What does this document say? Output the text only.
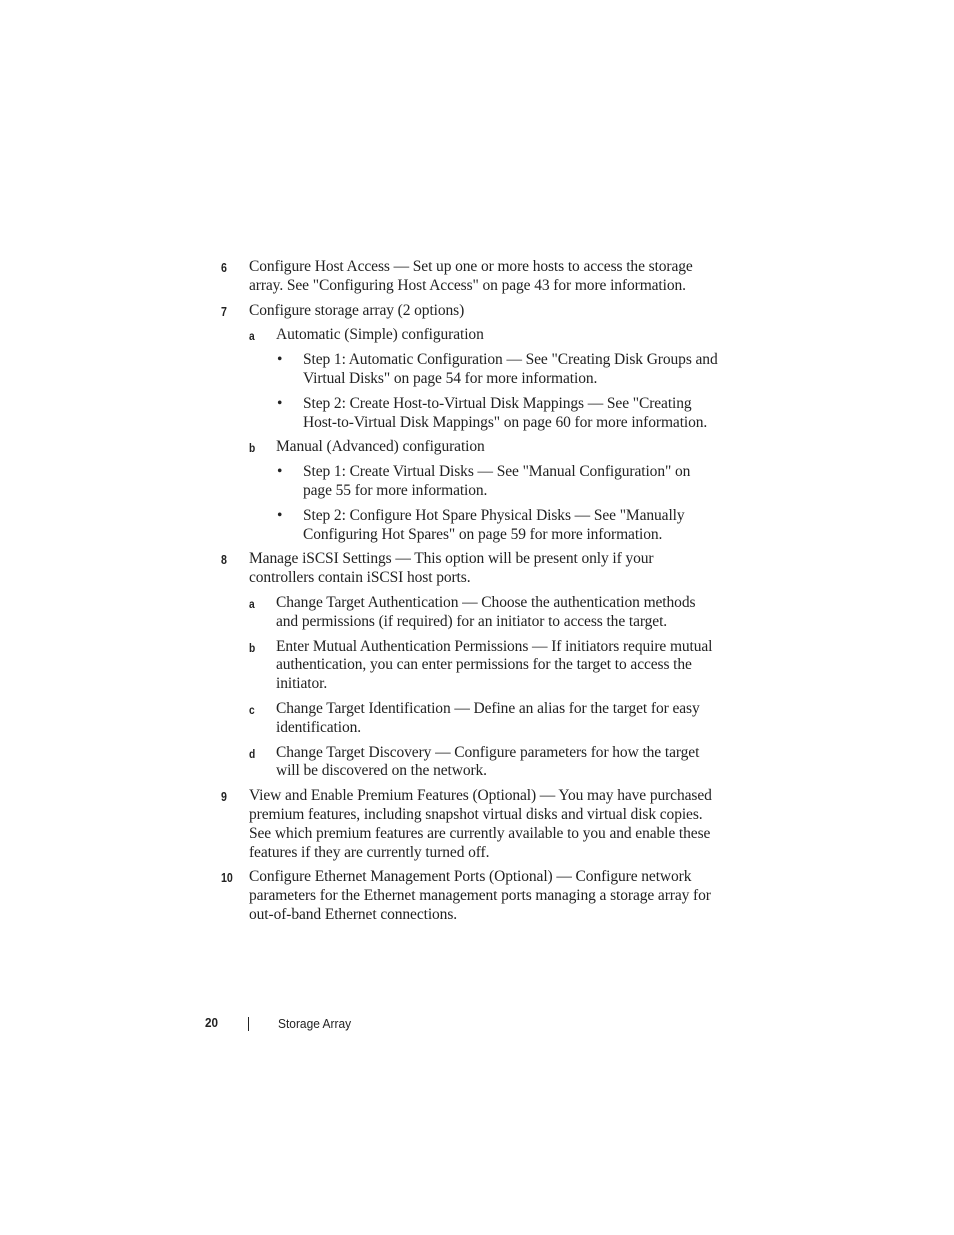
6	Configure Host Access — Set up one or more hosts to access the storage array. See "Configuring Host Access" on page 43 for more information.
7	Configure storage array (2 options)
a Automatic (Simple) configuration
• Step 1: Automatic Configuration — See "Creating Disk Groups and Virtual Disks" on page 54 for more information.
• Step 2: Create Host-to-Virtual Disk Mappings — See "Creating Host-to-Virtual Disk Mappings" on page 60 for more information.
b Manual (Advanced) configuration
• Step 1: Create Virtual Disks — See "Manual Configuration" on page 55 for more information.
• Step 2: Configure Hot Spare Physical Disks — See "Manually Configuring Hot Spares" on page 59 for more information.
8	Manage iSCSI Settings — This option will be present only if your controllers contain iSCSI host ports.
a Change Target Authentication — Choose the authentication methods and permissions (if required) for an initiator to access the target.
b Enter Mutual Authentication Permissions — If initiators require mutual authentication, you can enter permissions for the target to access the initiator.
c Change Target Identification — Define an alias for the target for easy identification.
d Change Target Discovery — Configure parameters for how the target will be discovered on the network.
9	View and Enable Premium Features (Optional) — You may have purchased premium features, including snapshot virtual disks and virtual disk copies. See which premium features are currently available to you and enable these features if they are currently turned off.
10	Configure Ethernet Management Ports (Optional) — Configure network parameters for the Ethernet management ports managing a storage array for out-of-band Ethernet connections.
20	Storage Array
